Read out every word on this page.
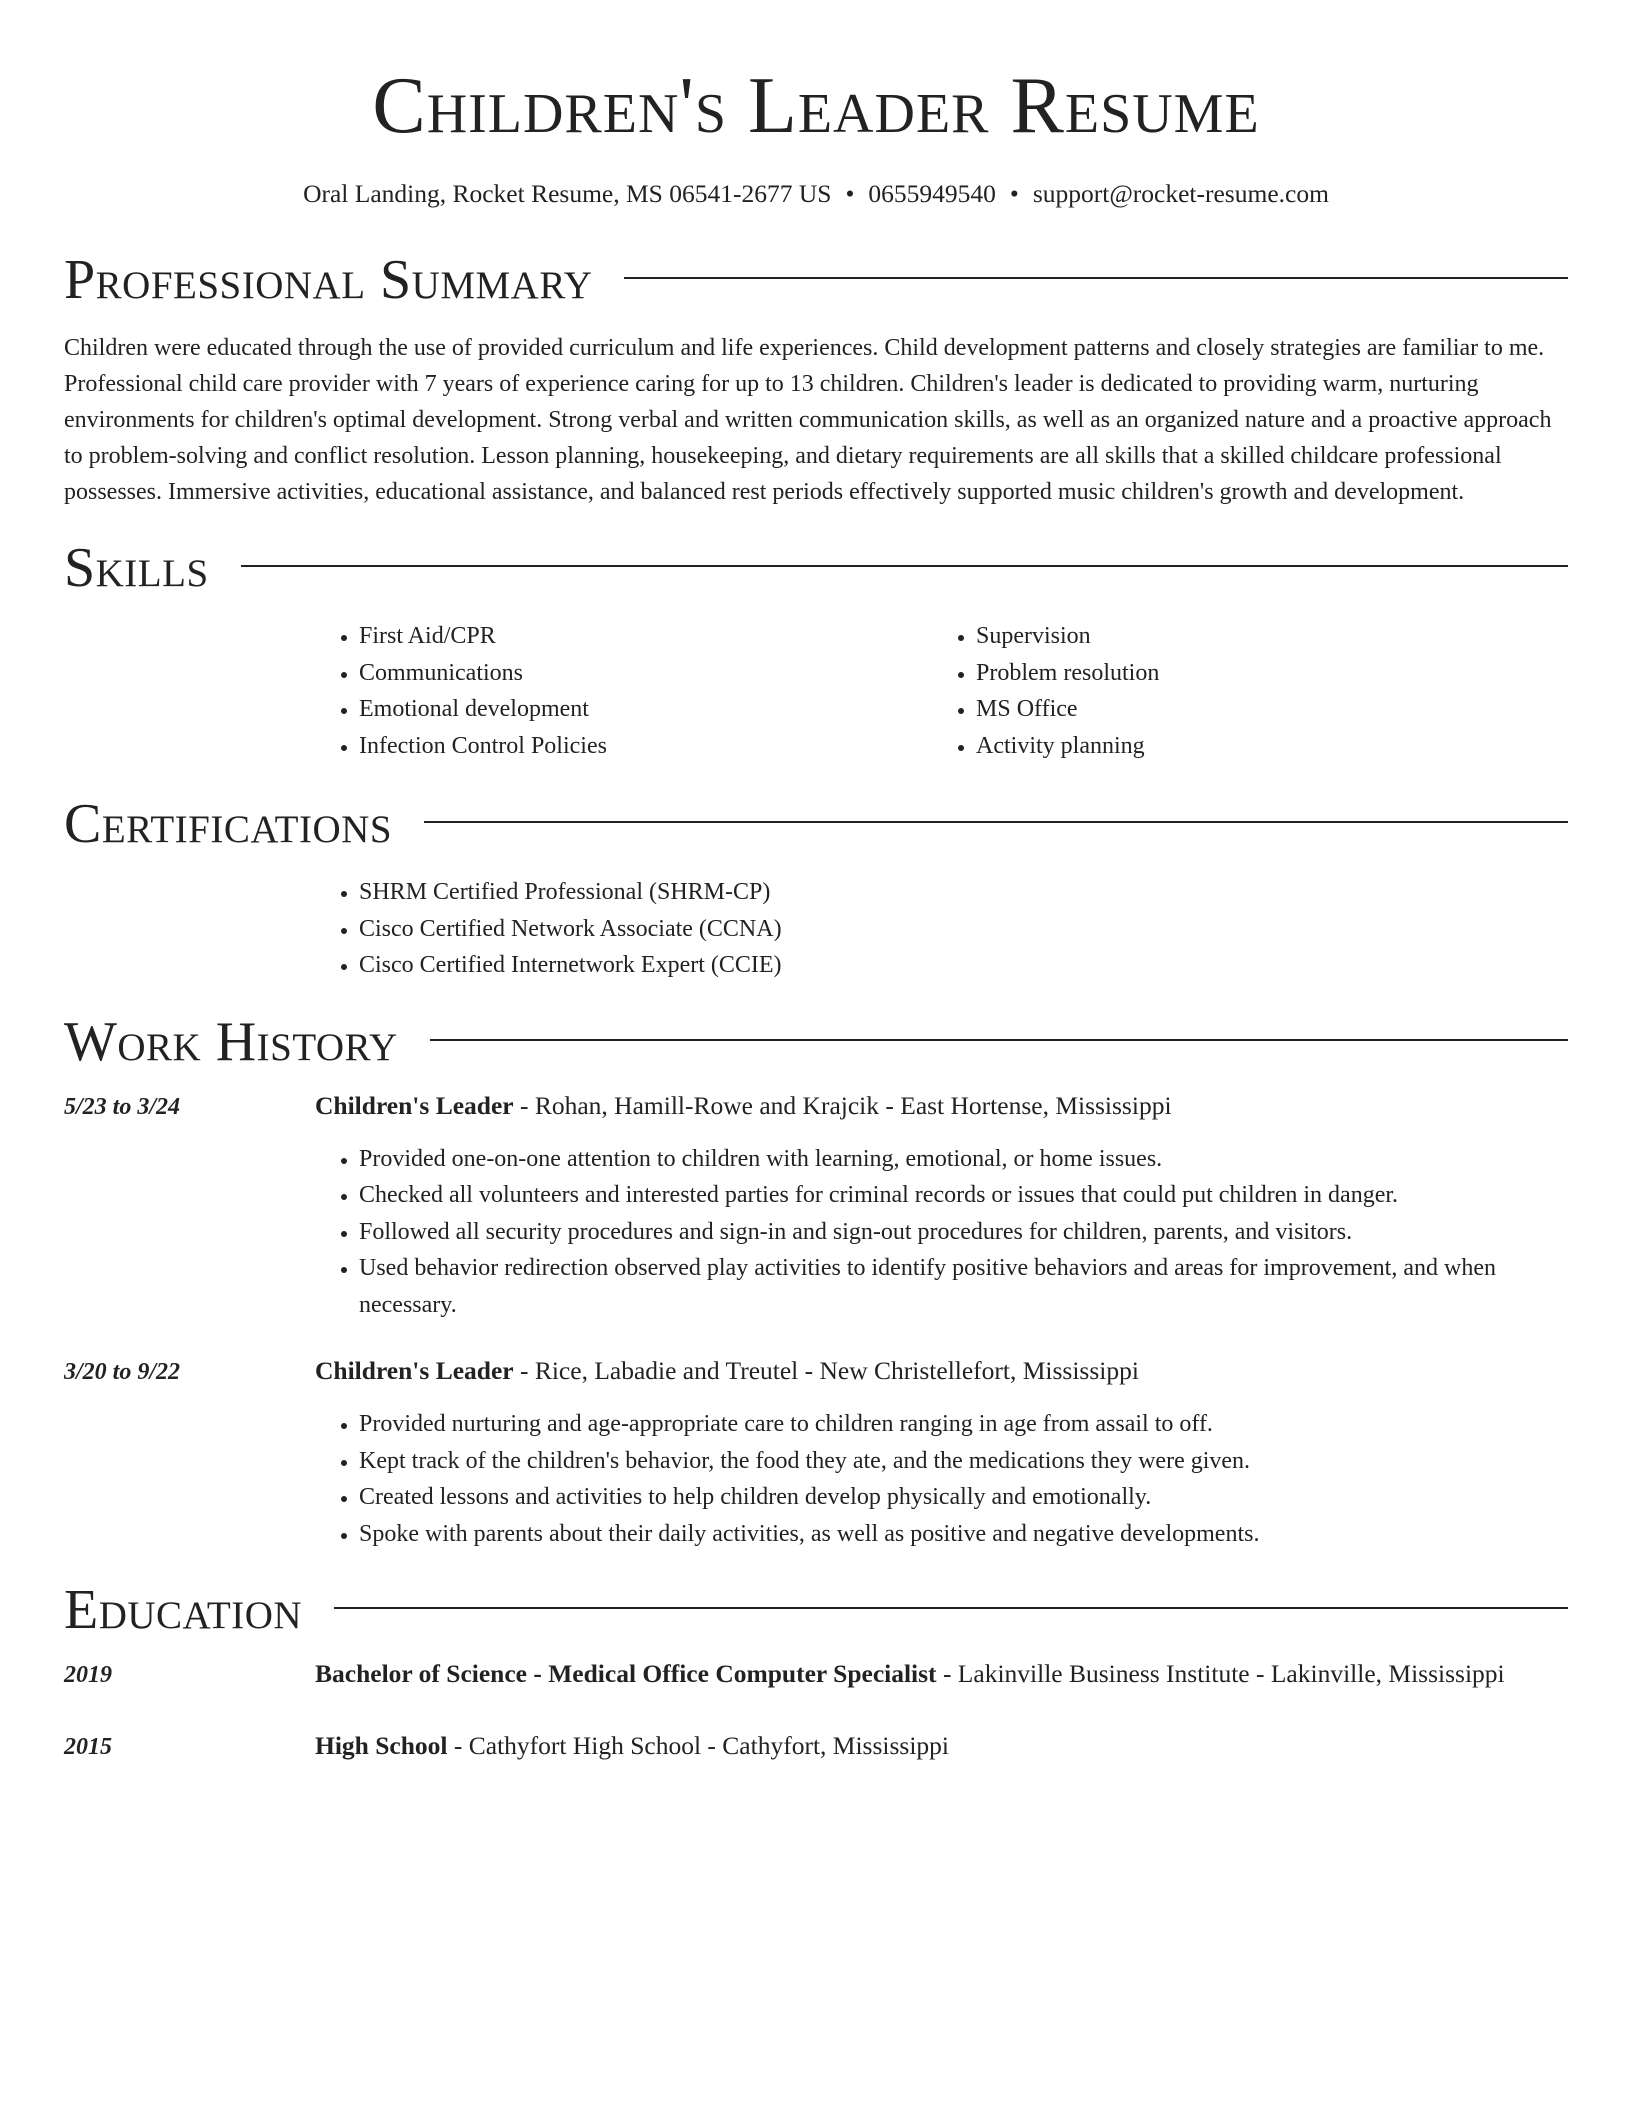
Children's Leader Resume
Oral Landing, Rocket Resume, MS 06541-2677 US • 0655949540 • support@rocket-resume.com
Professional Summary

Children were educated through the use of provided curriculum and life experiences. Child development patterns and closely strategies are familiar to me. Professional child care provider with 7 years of experience caring for up to 13 children. Children's leader is dedicated to providing warm, nurturing environments for children's optimal development. Strong verbal and written communication skills, as well as an organized nature and a proactive approach to problem-solving and conflict resolution. Lesson planning, housekeeping, and dietary requirements are all skills that a skilled childcare professional possesses. Immersive activities, educational assistance, and balanced rest periods effectively supported music children's growth and development.

Skills
• First Aid/CPR
• Communications
• Emotional development
• Infection Control Policies
• Supervision
• Problem resolution
• MS Office
• Activity planning
Certifications
• SHRM Certified Professional (SHRM-CP)
• Cisco Certified Network Associate (CCNA)
• Cisco Certified Internetwork Expert (CCIE)
Work History
5/23 to 3/24	Children's Leader - Rohan, Hamill-Rowe and Krajcik - East Hortense, Mississippi
• Provided one-on-one attention to children with learning, emotional, or home issues.
• Checked all volunteers and interested parties for criminal records or issues that could put children in danger.
• Followed all security procedures and sign-in and sign-out procedures for children, parents, and visitors.
• Used behavior redirection observed play activities to identify positive behaviors and areas for improvement, and when necessary.
3/20 to 9/22	Children's Leader - Rice, Labadie and Treutel - New Christellefort, Mississippi
• Provided nurturing and age-appropriate care to children ranging in age from assail to off.
• Kept track of the children's behavior, the food they ate, and the medications they were given.
• Created lessons and activities to help children develop physically and emotionally.
• Spoke with parents about their daily activities, as well as positive and negative developments.
Education
2019	Bachelor of Science - Medical Office Computer Specialist - Lakinville Business Institute - Lakinville, Mississippi
2015	High School - Cathyfort High School - Cathyfort, Mississippi
